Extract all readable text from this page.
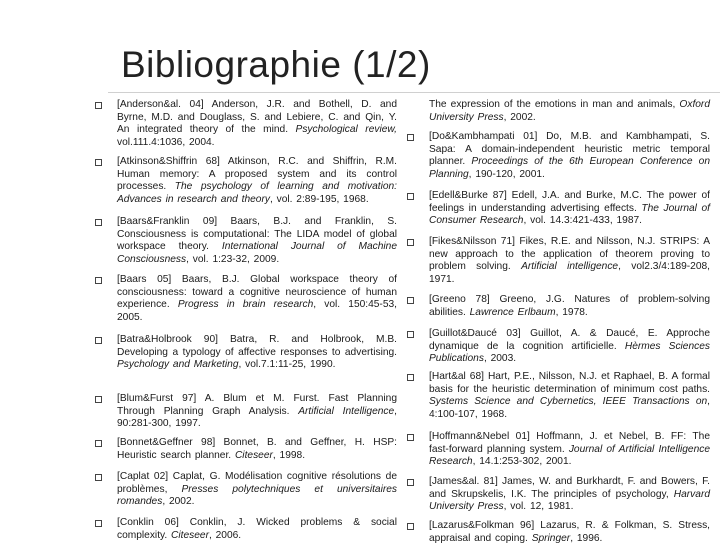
Bibliographie (1/2)
[Anderson&al. 04] Anderson, J.R. and Bothell, D. and Byrne, M.D. and Douglass, S. and Lebiere, C. and Qin, Y. An integrated theory of the mind. Psychological review, vol.111.4:1036, 2004.
[Atkinson&Shiffrin 68] Atkinson, R.C. and Shiffrin, R.M. Human memory: A proposed system and its control processes. The psychology of learning and motivation: Advances in research and theory, vol. 2:89-195, 1968.
[Baars&Franklin 09] Baars, B.J. and Franklin, S. Consciousness is computational: The LIDA model of global workspace theory. International Journal of Machine Consciousness, vol. 1:23-32, 2009.
[Baars 05] Baars, B.J. Global workspace theory of consciousness: toward a cognitive neuroscience of human experience. Progress in brain research, vol. 150:45-53, 2005.
[Batra&Holbrook 90] Batra, R. and Holbrook, M.B. Developing a typology of affective responses to advertising. Psychology and Marketing, vol.7.1:11-25, 1990.
[Blum&Furst 97] A. Blum et M. Furst. Fast Planning Through Planning Graph Analysis. Artificial Intelligence, 90:281-300, 1997.
[Bonnet&Geffner 98] Bonnet, B. and Geffner, H. HSP: Heuristic search planner. Citeseer, 1998.
[Caplat 02] Caplat, G. Modélisation cognitive résolutions de problèmes, Presses polytechniques et universitaires romandes, 2002.
[Conklin 06] Conklin, J. Wicked problems & social complexity. Citeseer, 2006.
The expression of the emotions in man and animals, Oxford University Press, 2002.
[Do&Kambhampati 01] Do, M.B. and Kambhampati, S. Sapa: A domain-independent heuristic metric temporal planner. Proceedings of the 6th European Conference on Planning, 190-120, 2001.
[Edell&Burke 87] Edell, J.A. and Burke, M.C. The power of feelings in understanding advertising effects. The Journal of Consumer Research, vol. 14.3:421-433, 1987.
[Fikes&Nilsson 71] Fikes, R.E. and Nilsson, N.J. STRIPS: A new approach to the application of theorem proving to problem solving. Artificial intelligence, vol2.3/4:189-208, 1971.
[Greeno 78] Greeno, J.G. Natures of problem-solving abilities. Lawrence Erlbaum, 1978.
[Guillot&Daucé 03] Guillot, A. & Daucé, E. Approche dynamique de la cognition artificielle. Hèrmes Sciences Publications, 2003.
[Hart&al 68] Hart, P.E., Nilsson, N.J. et Raphael, B. A formal basis for the heuristic determination of minimum cost paths. Systems Science and Cybernetics, IEEE Transactions on, 4:100-107, 1968.
[Hoffmann&Nebel 01] Hoffmann, J. et Nebel, B. FF: The fast-forward planning system. Journal of Artificial Intelligence Research, 14.1:253-302, 2001.
[James&al. 81] James, W. and Burkhardt, F. and Bowers, F. and Skrupskelis, I.K. The principles of psychology, Harvard University Press, vol. 12, 1981.
[Lazarus&Folkman 96] Lazarus, R. & Folkman, S. Stress, appraisal and coping. Springer, 1996.
